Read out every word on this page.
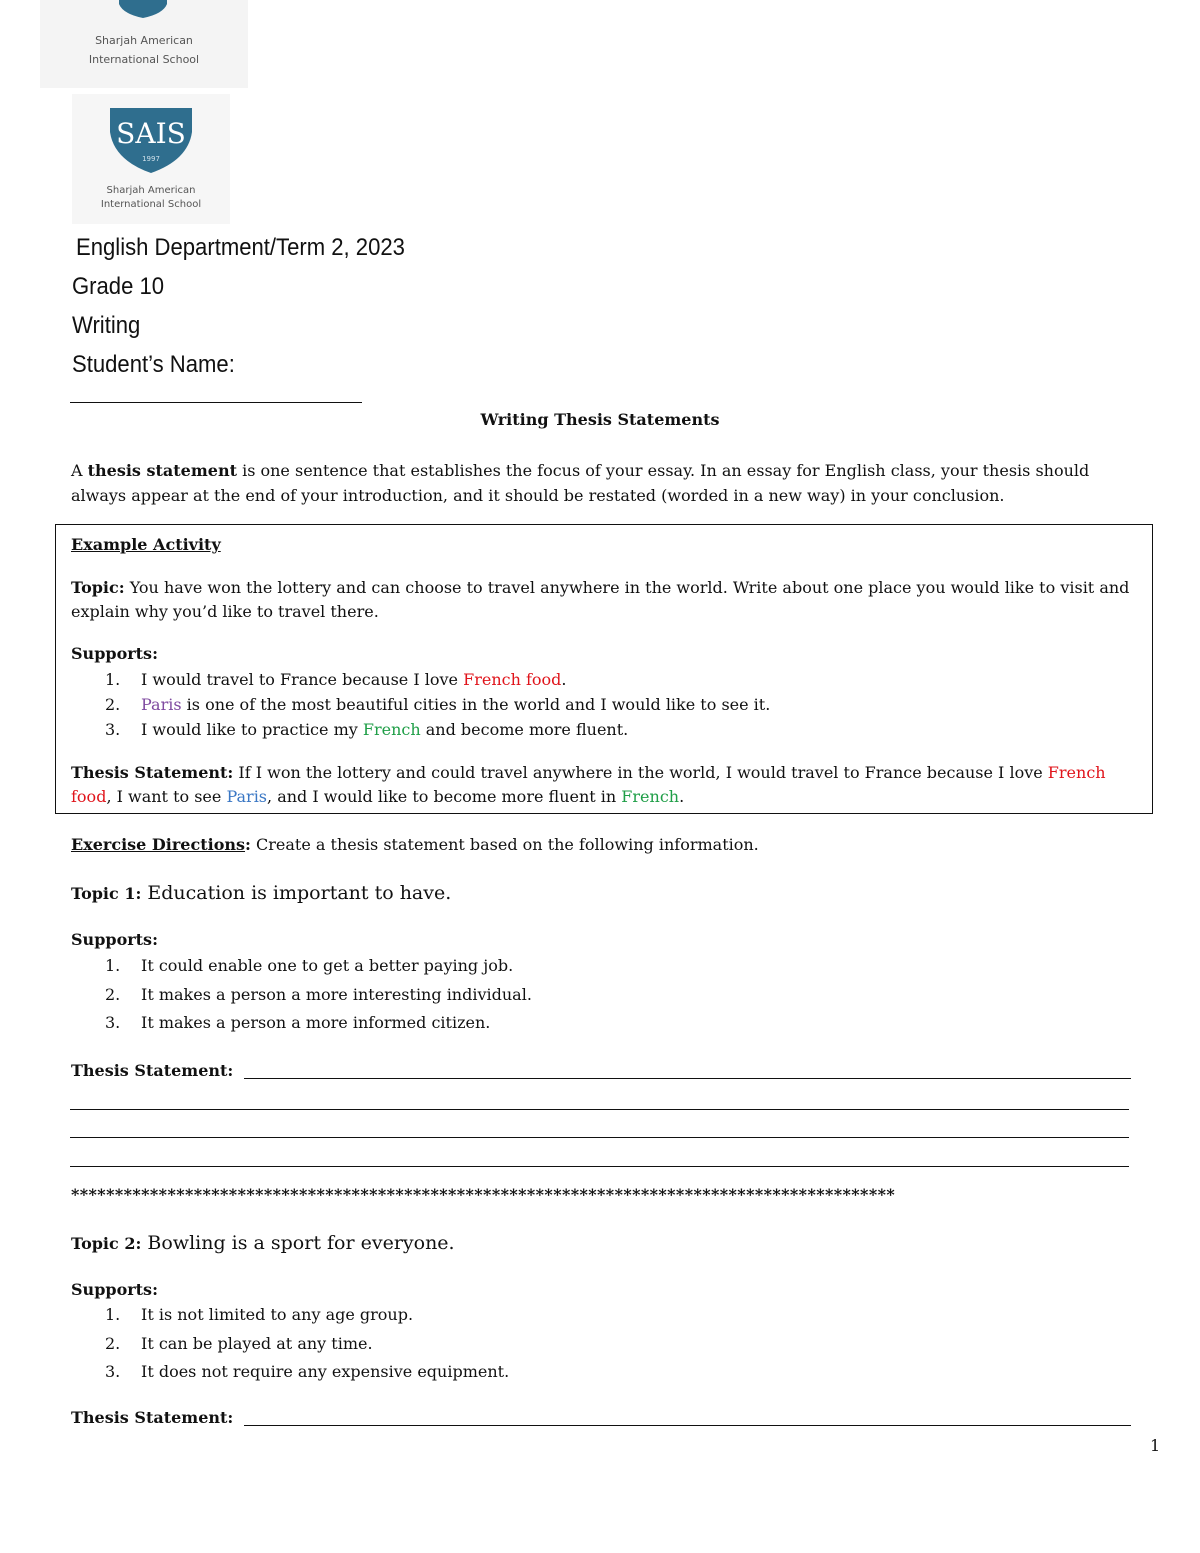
Sharjah American
International School
SAIS
1997
Sharjah American
International School
English Department/Term 2, 2023
Grade 10
Writing
Student’s Name:
Writing Thesis Statements
A thesis statement is one sentence that establishes the focus of your essay. In an essay for English class, your thesis should always appear at the end of your introduction, and it should be restated (worded in a new way) in your conclusion.
Example Activity
Topic: You have won the lottery and can choose to travel anywhere in the world. Write about one place you would like to visit and explain why you’d like to travel there.
Supports:
1. I would travel to France because I love French food.
2. Paris is one of the most beautiful cities in the world and I would like to see it.
3. I would like to practice my French and become more fluent.
Thesis Statement: If I won the lottery and could travel anywhere in the world, I would travel to France because I love French food, I want to see Paris, and I would like to become more fluent in French.
Exercise Directions: Create a thesis statement based on the following information.
Topic 1: Education is important to have.
Supports:
1. It could enable one to get a better paying job.
2. It makes a person a more interesting individual.
3. It makes a person a more informed citizen.
Thesis Statement:
**********************************************************************************************
Topic 2: Bowling is a sport for everyone.
Supports:
1. It is not limited to any age group.
2. It can be played at any time.
3. It does not require any expensive equipment.
Thesis Statement:
1
